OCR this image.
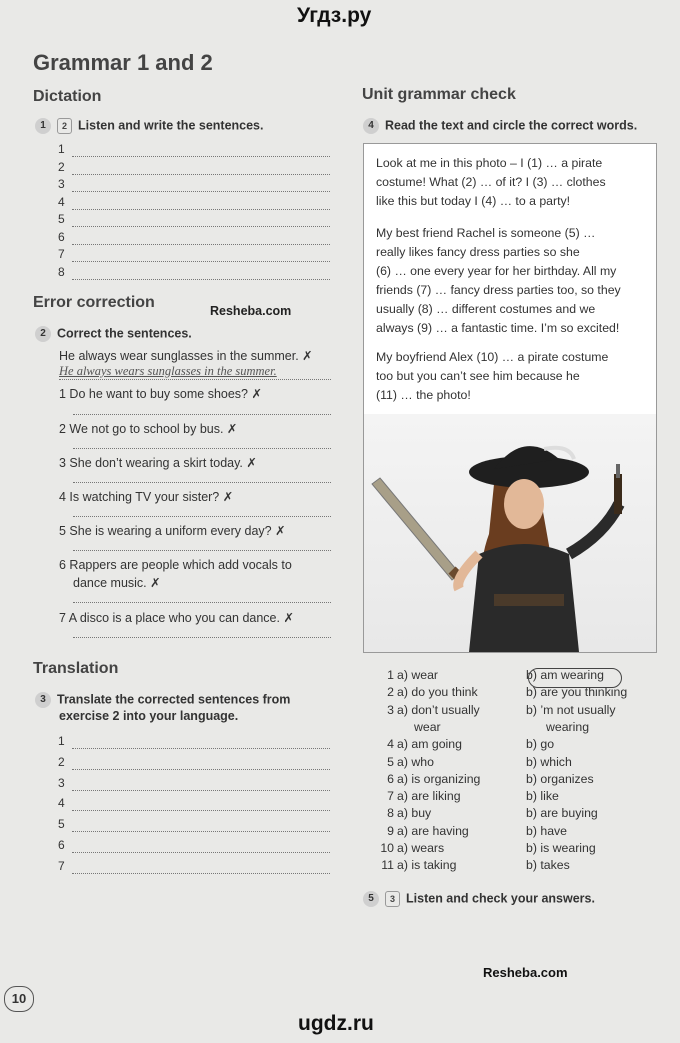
Угдз.ру
Grammar 1 and 2
Dictation
1 2 Listen and write the sentences.
1
2
3
4
5
6
7
8
Error correction	Resheba.com
2 Correct the sentences.
He always wear sunglasses in the summer. ✗
He always wears sunglasses in the summer.
1 Do he want to buy some shoes? ✗
2 We not go to school by bus. ✗
3 She don’t wearing a skirt today. ✗
4 Is watching TV your sister? ✗
5 She is wearing a uniform every day? ✗
6 Rappers are people which add vocals to
dance music. ✗
7 A disco is a place who you can dance. ✗
Translation
3 Translate the corrected sentences from
exercise 2 into your language.
1
2
3
4
5
6
7
Unit grammar check
4 Read the text and circle the correct words.
Look at me in this photo – I (1) … a pirate
costume! What (2) … of it? I (3) … clothes
like this but today I (4) … to a party!
My best friend Rachel is someone (5) …
really likes fancy dress parties so she
(6) … one every year for her birthday. All my
friends (7) … fancy dress parties too, so they
usually (8) … different costumes and we
always (9) … a fantastic time. I’m so excited!
My boyfriend Alex (10) … a pirate costume
too but you can’t see him because he
(11) … the photo!
1 a) wear	b) am wearing
2 a) do you think	b) are you thinking
3 a) don’t usually	b) ’m not usually
wear	wearing
4 a) am going	b) go
5 a) who	b) which
6 a) is organizing	b) organizes
7 a) are liking	b) like
8 a) buy	b) are buying
9 a) are having	b) have
10 a) wears	b) is wearing
11 a) is taking	b) takes
5 3 Listen and check your answers.
Resheba.com
10
ugdz.ru
